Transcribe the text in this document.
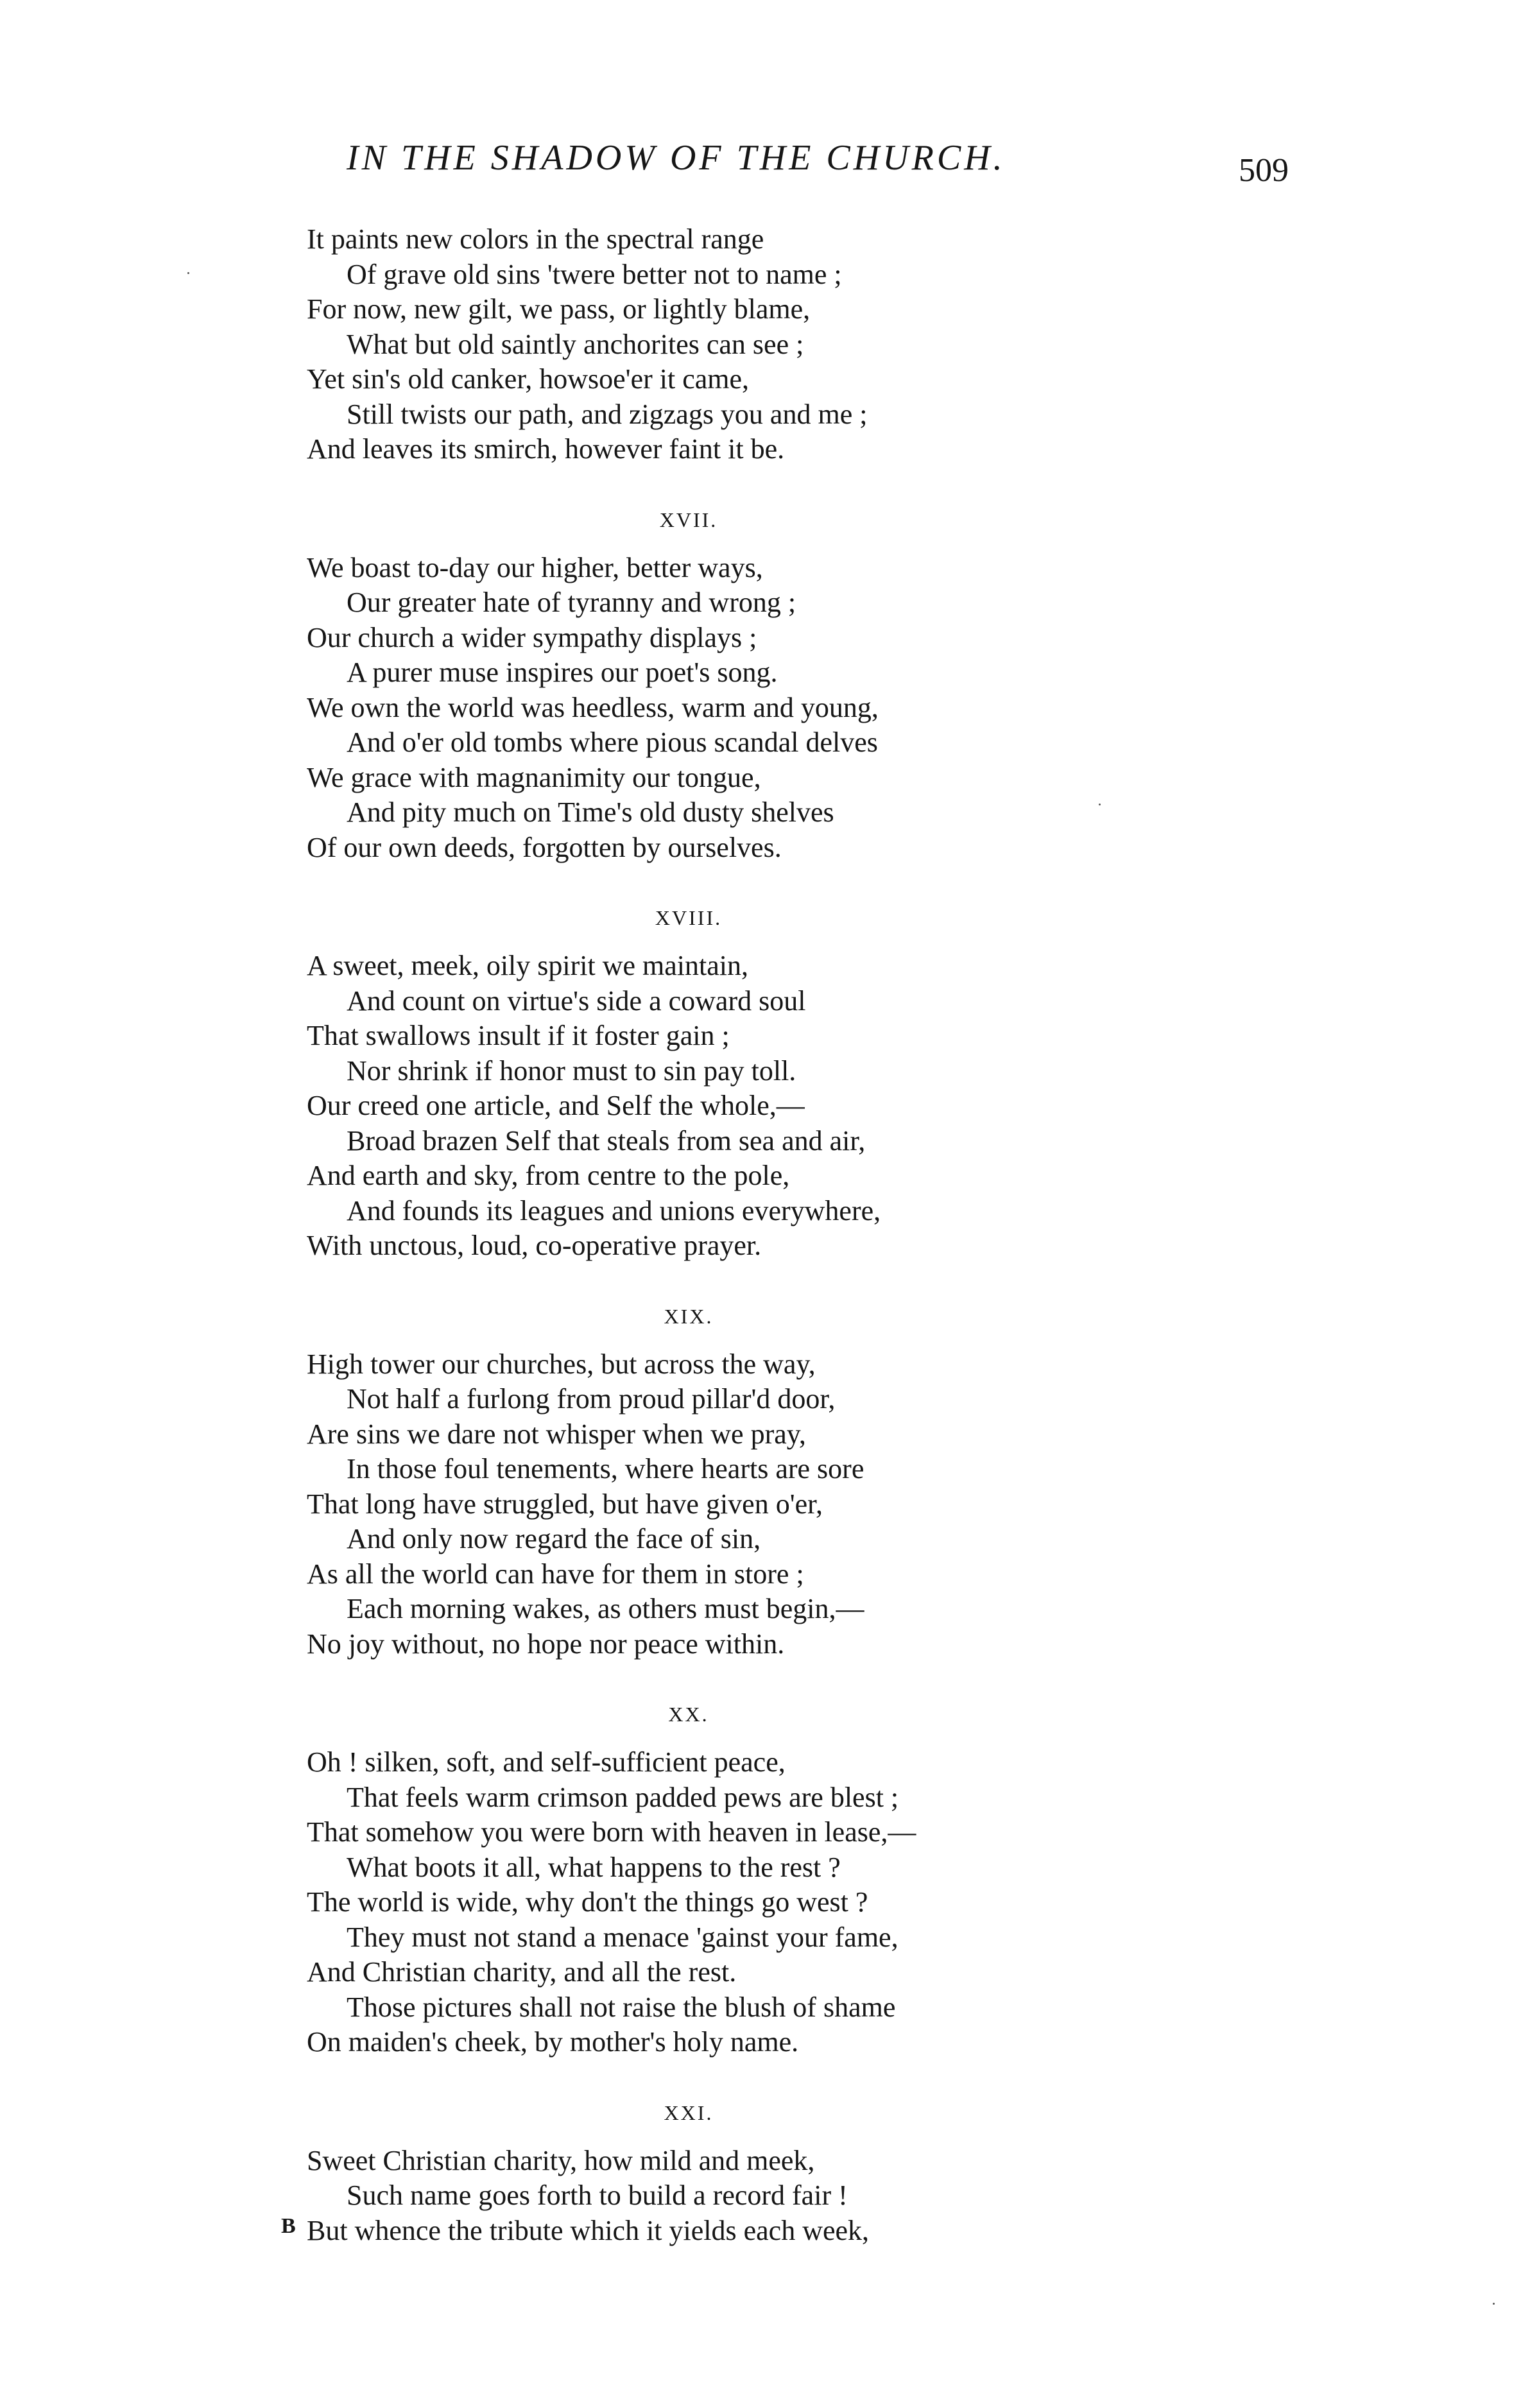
IN THE SHADOW OF THE CHURCH.	509
It paints new colors in the spectral range
Of grave old sins 'twere better not to name ;
For now, new gilt, we pass, or lightly blame,
What but old saintly anchorites can see ;
Yet sin's old canker, howsoe'er it came,
Still twists our path, and zigzags you and me ;
And leaves its smirch, however faint it be.
XVII.
We boast to-day our higher, better ways,
Our greater hate of tyranny and wrong ;
Our church a wider sympathy displays ;
A purer muse inspires our poet's song.
We own the world was heedless, warm and young,
And o'er old tombs where pious scandal delves
We grace with magnanimity our tongue,
And pity much on Time's old dusty shelves
Of our own deeds, forgotten by ourselves.
XVIII.
A sweet, meek, oily spirit we maintain,
And count on virtue's side a coward soul
That swallows insult if it foster gain ;
Nor shrink if honor must to sin pay toll.
Our creed one article, and Self the whole,—
Broad brazen Self that steals from sea and air,
And earth and sky, from centre to the pole,
And founds its leagues and unions everywhere,
With unctous, loud, co-operative prayer.
XIX.
High tower our churches, but across the way,
Not half a furlong from proud pillar'd door,
Are sins we dare not whisper when we pray,
In those foul tenements, where hearts are sore
That long have struggled, but have given o'er,
And only now regard the face of sin,
As all the world can have for them in store ;
Each morning wakes, as others must begin,—
No joy without, no hope nor peace within.
XX.
Oh ! silken, soft, and self-sufficient peace,
That feels warm crimson padded pews are blest ;
That somehow you were born with heaven in lease,—
What boots it all, what happens to the rest ?
The world is wide, why don't the things go west ?
They must not stand a menace 'gainst your fame,
And Christian charity, and all the rest.
Those pictures shall not raise the blush of shame
On maiden's cheek, by mother's holy name.
XXI.
Sweet Christian charity, how mild and meek,
Such name goes forth to build a record fair !
But whence the tribute which it yields each week,
B
